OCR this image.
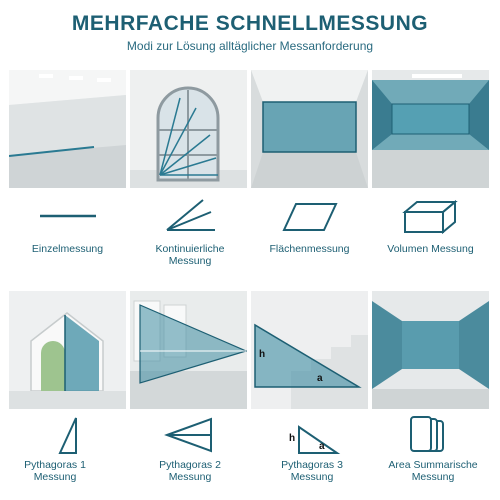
MEHRFACHE SCHNELLMESSUNG
Modi zur Lösung alltäglicher Messanforderung
Einzelmessung	Kontinuierliche Messung
Flächenmessung	Volumen Messung
h
a
h
a
Pythagoras 1 Messung
Pythagoras 2 Messung
Pythagoras 3 Messung
Area Summarische Messung
